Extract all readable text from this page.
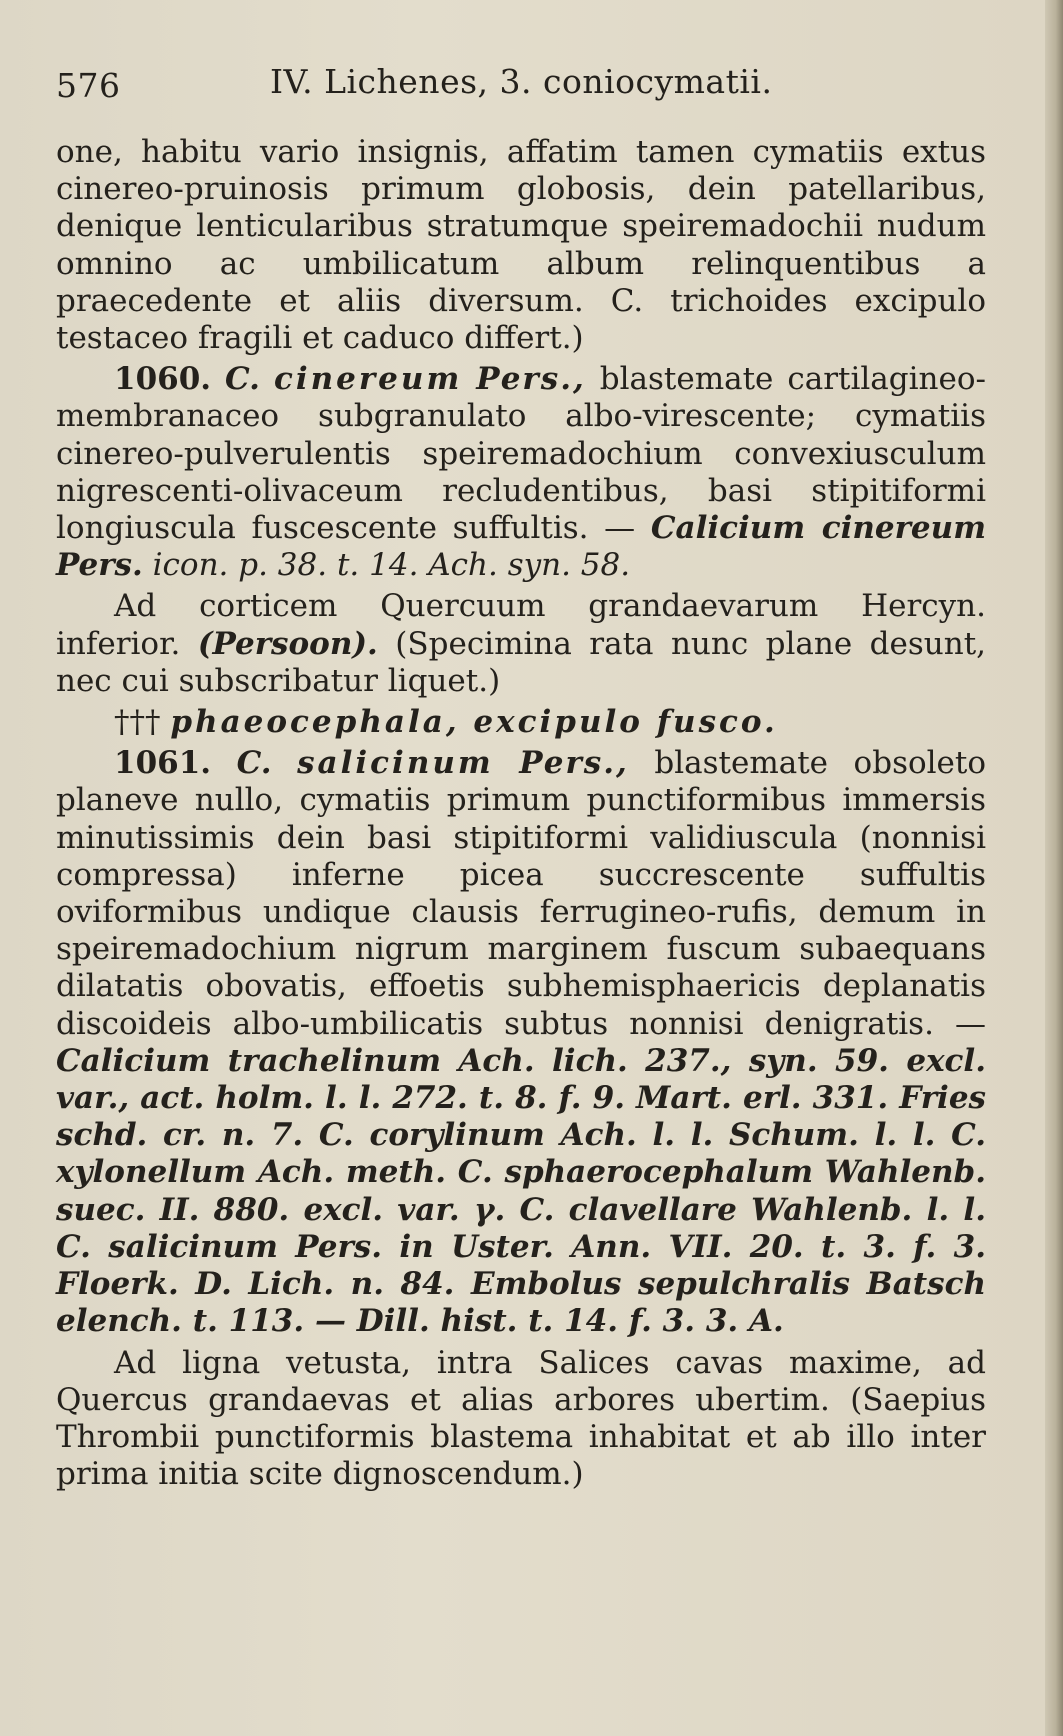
576	IV. Lichenes, 3. coniocymatii.

one, habitu vario insignis, affatim tamen cymatiis extus cinereo-pruinosis primum globosis, dein patellaribus, denique lenticularibus stratumque speiremadochii nudum omnino ac umbilicatum album relinquentibus a praecedente et aliis diversum. C. trichoides excipulo testaceo fragili et caduco differt.)

1060. C. cinereum Pers., blastemate cartilagineo-membranaceo subgranulato albo-virescente; cymatiis cinereo-pulverulentis speiremadochium convexiusculum nigrescenti-olivaceum recludentibus, basi stipitiformi longiuscula fuscescente suffultis. — Calicium cinereum Pers. icon. p. 38. t. 14. Ach. syn. 58.

Ad corticem Quercuum grandaevarum Hercyn. inferior. (Persoon). (Specimina rata nunc plane desunt, nec cui subscribatur liquet.)

††† phaeocephala, excipulo fusco.

1061. C. salicinum Pers., blastemate obsoleto planeve nullo, cymatiis primum punctiformibus immersis minutissimis dein basi stipitiformi validiuscula (nonnisi compressa) inferne picea succrescente suffultis oviformibus undique clausis ferrugineo-rufis, demum in speiremadochium nigrum marginem fuscum subaequans dilatatis obovatis, effoetis subhemisphaericis deplanatis discoideis albo-umbilicatis subtus nonnisi denigratis. — Calicium trachelinum Ach. lich. 237., syn. 59. excl. var., act. holm. l. l. 272. t. 8. f. 9. Mart. erl. 331. Fries schd. cr. n. 7. C. corylinum Ach. l. l. Schum. l. l. C. xylonellum Ach. meth. C. sphaerocephalum Wahlenb. suec. II. 880. excl. var. γ. C. clavellare Wahlenb. l. l. C. salicinum Pers. in Uster. Ann. VII. 20. t. 3. f. 3. Floerk. D. Lich. n. 84. Embolus sepulchralis Batsch elench. t. 113. — Dill. hist. t. 14. f. 3. 3. A.

Ad ligna vetusta, intra Salices cavas maxime, ad Quercus grandaevas et alias arbores ubertim. (Saepius Thrombii punctiformis blastema inhabitat et ab illo inter prima initia scite dignoscendum.)
